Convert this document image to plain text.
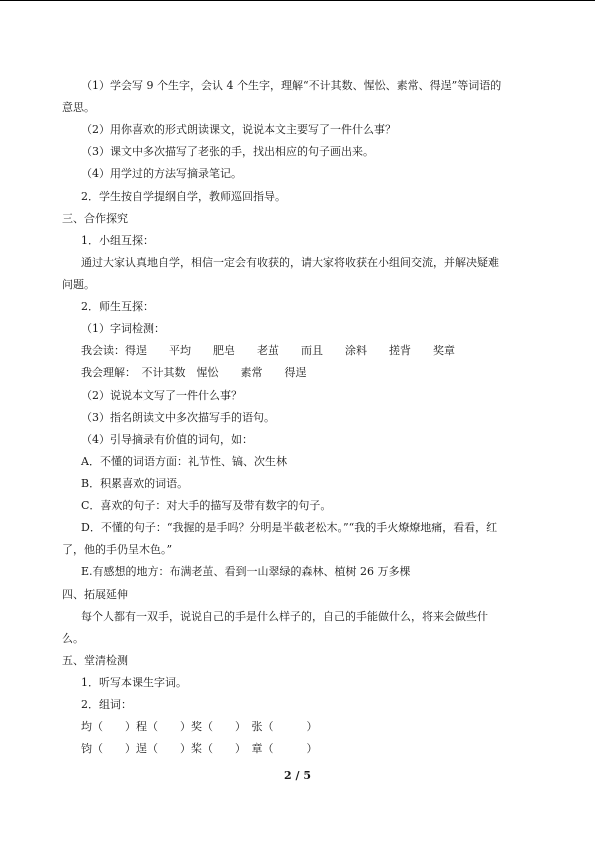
（1）学会写 9 个生字，会认 4 个生字，理解“不计其数、惺忪、素常、得逞”等词语的
意思。
（2）用你喜欢的形式朗读课文，说说本文主要写了一件什么事？
（3）课文中多次描写了老张的手，找出相应的句子画出来。
（4）用学过的方法写摘录笔记。
2．学生按自学提纲自学，教师巡回指导。
三、合作探究
1．小组互探：
通过大家认真地自学，相信一定会有收获的，请大家将收获在小组间交流，并解决疑难
问题。
2．师生互探：
（1）字词检测：
我会读：得逞　　平均　　肥皂　　老茧　　而且　　涂料　　搓背　　奖章
我会理解：　不计其数　惺忪　　素常　　得逞
（2）说说本文写了一件什么事？
（3）指名朗读文中多次描写手的语句。
（4）引导摘录有价值的词句，如：
A．不懂的词语方面：礼节性、镐、次生林
B．积累喜欢的词语。
C．喜欢的句子：对大手的描写及带有数字的句子。
D．不懂的句子：“我握的是手吗？分明是半截老松木。”“我的手火燎燎地痛，看看，红
了，他的手仍呈木色。”
E.有感想的地方：布满老茧、看到一山翠绿的森林、植树 26 万多棵
四、拓展延伸
每个人都有一双手，说说自己的手是什么样子的，自己的手能做什么，将来会做些什
么。
五、堂清检测
1．听写本课生字词。
2．组词：
均（　　）程（　　）奖（　　）　张（　　　）
钧（　　）逞（　　）桨（　　）　章（　　　）
2 / 5
